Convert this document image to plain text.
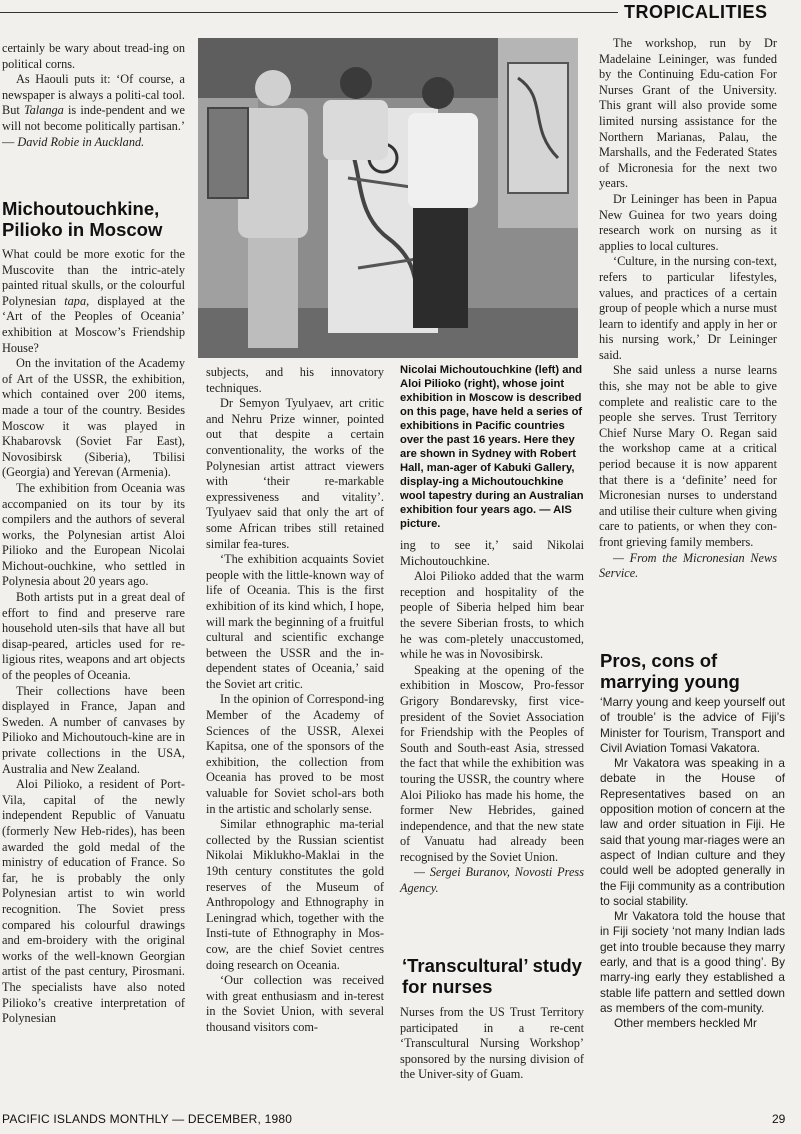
TROPICALITIES

certainly be wary about tread-ing on political corns.

As Haouli puts it: ‘Of course, a newspaper is always a politi-cal tool. But Talanga is inde-pendent and we will not become politically partisan.’ — David Robie in Auckland.

Michoutouchkine, Pilioko in Moscow

What could be more exotic for the Muscovite than the intric-ately painted ritual skulls, or the colourful Polynesian tapa, displayed at the ‘Art of the Peoples of Oceania’ exhibition at Moscow’s Friendship House?

On the invitation of the Academy of Art of the USSR, the exhibition, which contained over 200 items, made a tour of the country. Besides Moscow it was played in Khabarovsk (Soviet Far East), Novosibirsk (Siberia), Tbilisi (Georgia) and Yerevan (Armenia).

The exhibition from Oceania was accompanied on its tour by its compilers and the authors of several works, the Polynesian artist Aloi Pilioko and the European Nicolai Michout-ouchkine, who settled in Polynesia about 20 years ago.

Both artists put in a great deal of effort to find and preserve rare household uten-sils that have all but disap-peared, articles used for re-ligious rites, weapons and art objects of the peoples of Oceania.

Their collections have been displayed in France, Japan and Sweden. A number of canvases by Pilioko and Michoutouch-kine are in private collections in the USA, Australia and New Zealand.

Aloi Pilioko, a resident of Port-Vila, capital of the newly independent Republic of Vanuatu (formerly New Heb-rides), has been awarded the gold medal of the ministry of education of France. So far, he is probably the only Polynesian artist to win world recognition. The Soviet press compared his colourful drawings and em-broidery with the original works of the well-known Georgian artist of the past century, Pirosmani. The specialists have also noted Pilioko’s creative interpretation of Polynesian

subjects, and his innovatory techniques.

Dr Semyon Tyulyaev, art critic and Nehru Prize winner, pointed out that despite a certain conventionality, the works of the Polynesian artist attract viewers with ‘their re-markable expressiveness and vitality’. Tyulyaev said that only the art of some African tribes still retained similar fea-tures.

‘The exhibition acquaints Soviet people with the little-known way of life of Oceania. This is the first exhibition of its kind which, I hope, will mark the beginning of a fruitful cultural and scientific exchange between the USSR and the in-dependent states of Oceania,’ said the Soviet art critic.

In the opinion of Correspond-ing Member of the Academy of Sciences of the USSR, Alexei Kapitsa, one of the sponsors of the exhibition, the collection from Oceania has proved to be most valuable for Soviet schol-ars both in the artistic and scholarly sense.

Similar ethnographic ma-terial collected by the Russian scientist Nikolai Miklukho-Maklai in the 19th century constitutes the gold reserves of the Museum of Anthropology and Ethnography in Leningrad which, together with the Insti-tute of Ethnography in Mos-cow, are the chief Soviet centres doing research on Oceania.

‘Our collection was received with great enthusiasm and in-terest in the Soviet Union, with several thousand visitors com-

Nicolai Michoutouchkine (left) and Aloi Pilioko (right), whose joint exhibition in Moscow is described on this page, have held a series of exhibitions in Pacific countries over the past 16 years. Here they are shown in Sydney with Robert Hall, man-ager of Kabuki Gallery, display-ing a Michoutouchkine wool tapestry during an Australian exhibition four years ago. — AIS picture.

ing to see it,’ said Nikolai Michoutouchkine.

Aloi Pilioko added that the warm reception and hospitality of the people of Siberia helped him bear the severe Siberian frosts, to which he was com-pletely unaccustomed, while he was in Novosibirsk.

Speaking at the opening of the exhibition in Moscow, Pro-fessor Grigory Bondarevsky, first vice-president of the Soviet Association for Friendship with the Peoples of South and South-east Asia, stressed the fact that while the exhibition was touring the USSR, the country where Aloi Pilioko has made his home, the former New Hebrides, gained independence, and that the new state of Vanuatu had already been recognised by the Soviet Union.

— Sergei Buranov, Novosti Press Agency.

‘Transcultural’ study for nurses

Nurses from the US Trust Territory participated in a re-cent ‘Transcultural Nursing Workshop’ sponsored by the nursing division of the Univer-sity of Guam.

The workshop, run by Dr Madelaine Leininger, was funded by the Continuing Edu-cation For Nurses Grant of the University. This grant will also provide some limited nursing assistance for the Northern Marianas, Palau, the Marshalls, and the Federated States of Micronesia for the next two years.

Dr Leininger has been in Papua New Guinea for two years doing research work on nursing as it applies to local cultures.

‘Culture, in the nursing con-text, refers to particular lifestyles, values, and practices of a certain group of people which a nurse must learn to identify and apply in her or his nursing work,’ Dr Leininger said.

She said unless a nurse learns this, she may not be able to give complete and realistic care to the people she serves. Trust Territory Chief Nurse Mary O. Regan said the workshop came at a critical period because it is now apparent that there is a ‘definite’ need for Micronesian nurses to understand and utilise their culture when giving care to patients, or when they con-front grieving family members.

— From the Micronesian News Service.

Pros, cons of marrying young

‘Marry young and keep yourself out of trouble’ is the advice of Fiji’s Minister for Tourism, Transport and Civil Aviation Tomasi Vakatora.

Mr Vakatora was speaking in a debate in the House of Representatives based on an opposition motion of concern at the law and order situation in Fiji. He said that young mar-riages were an aspect of Indian culture and they could well be adopted generally in the Fiji community as a contribution to social stability.

Mr Vakatora told the house that in Fiji society ‘not many Indian lads get into trouble because they marry early, and that is a good thing’. By marry-ing early they established a stable life pattern and settled down as members of the com-munity.

Other members heckled Mr

PACIFIC ISLANDS MONTHLY — DECEMBER, 1980	29
